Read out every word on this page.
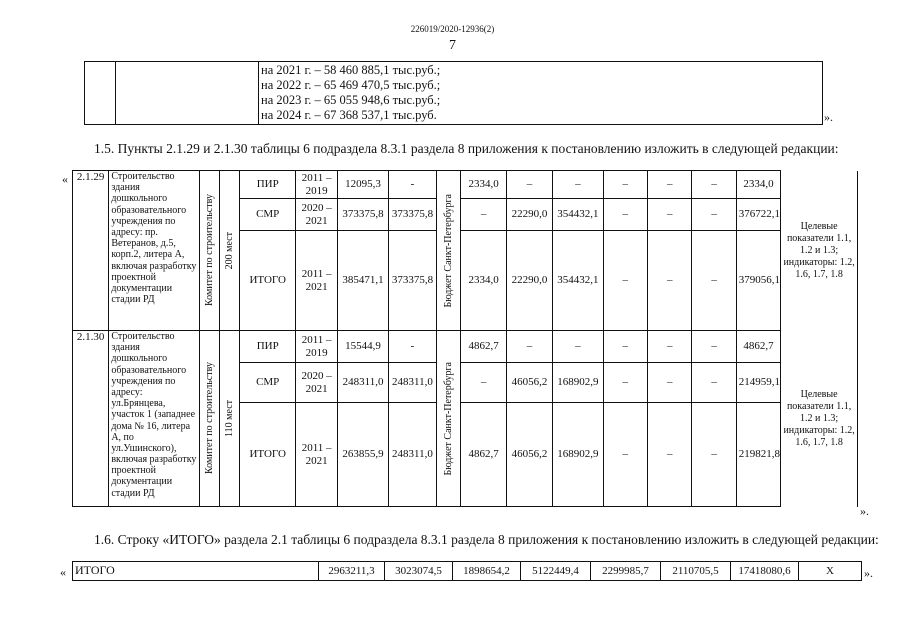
226019/2020-12936(2)
7

на 2021 г. – 58 460 885,1 тыс.руб.;
на 2022 г. – 65 469 470,5 тыс.руб.;
на 2023 г. – 65 055 948,6 тыс.руб.;
на 2024 г. – 67 368 537,1 тыс.руб.	».
1.5. Пункты 2.1.29 и 2.1.30 таблицы 6 подраздела 8.3.1 раздела 8 приложения к постановлению изложить в следующей редакции:
« 2.1.29	Строительство здания дошкольного образовательного учреждения по адресу: пр. Ветеранов, д.5, корп.2, литера А, включая разработку проектной документации стадии РД	Комитет по строительству	200 мест	ПИР	2011 – 2019	12095,3	-	Бюджет Санкт-Петербурга	2334,0	–	–	–	–	–	2334,0	Целевые показатели 1.1, 1.2 и 1.3; индикаторы: 1.2, 1.6, 1.7, 1.8
				СМР	2020 – 2021	373375,8	373375,8		–	22290,0	354432,1	–	–	–	376722,1	
				ИТОГО	2011 – 2021	385471,1	373375,8		2334,0	22290,0	354432,1	–	–	–	379056,1	
2.1.30	Строительство здания дошкольного образовательного учреждения по адресу: ул.Брянцева, участок 1 (западнее дома № 16, литера А, по ул.Ушинского), включая разработку проектной документации стадии РД	Комитет по строительству	110 мест	ПИР	2011 – 2019	15544,9	-	Бюджет Санкт-Петербурга	4862,7	–	–	–	–	–	4862,7	Целевые показатели 1.1, 1.2 и 1.3; индикаторы: 1.2, 1.6, 1.7, 1.8
				СМР	2020 – 2021	248311,0	248311,0		–	46056,2	168902,9	–	–	–	214959,1	
				ИТОГО	2011 – 2021	263855,9	248311,0		4862,7	46056,2	168902,9	–	–	–	219821,8	
».
1.6. Строку «ИТОГО» раздела 2.1 таблицы 6 подраздела 8.3.1 раздела 8 приложения к постановлению изложить в следующей редакции:
« ИТОГО	2963211,3	3023074,5	1898654,2	5122449,4	2299985,7	2110705,5	17418080,6	Х	».
